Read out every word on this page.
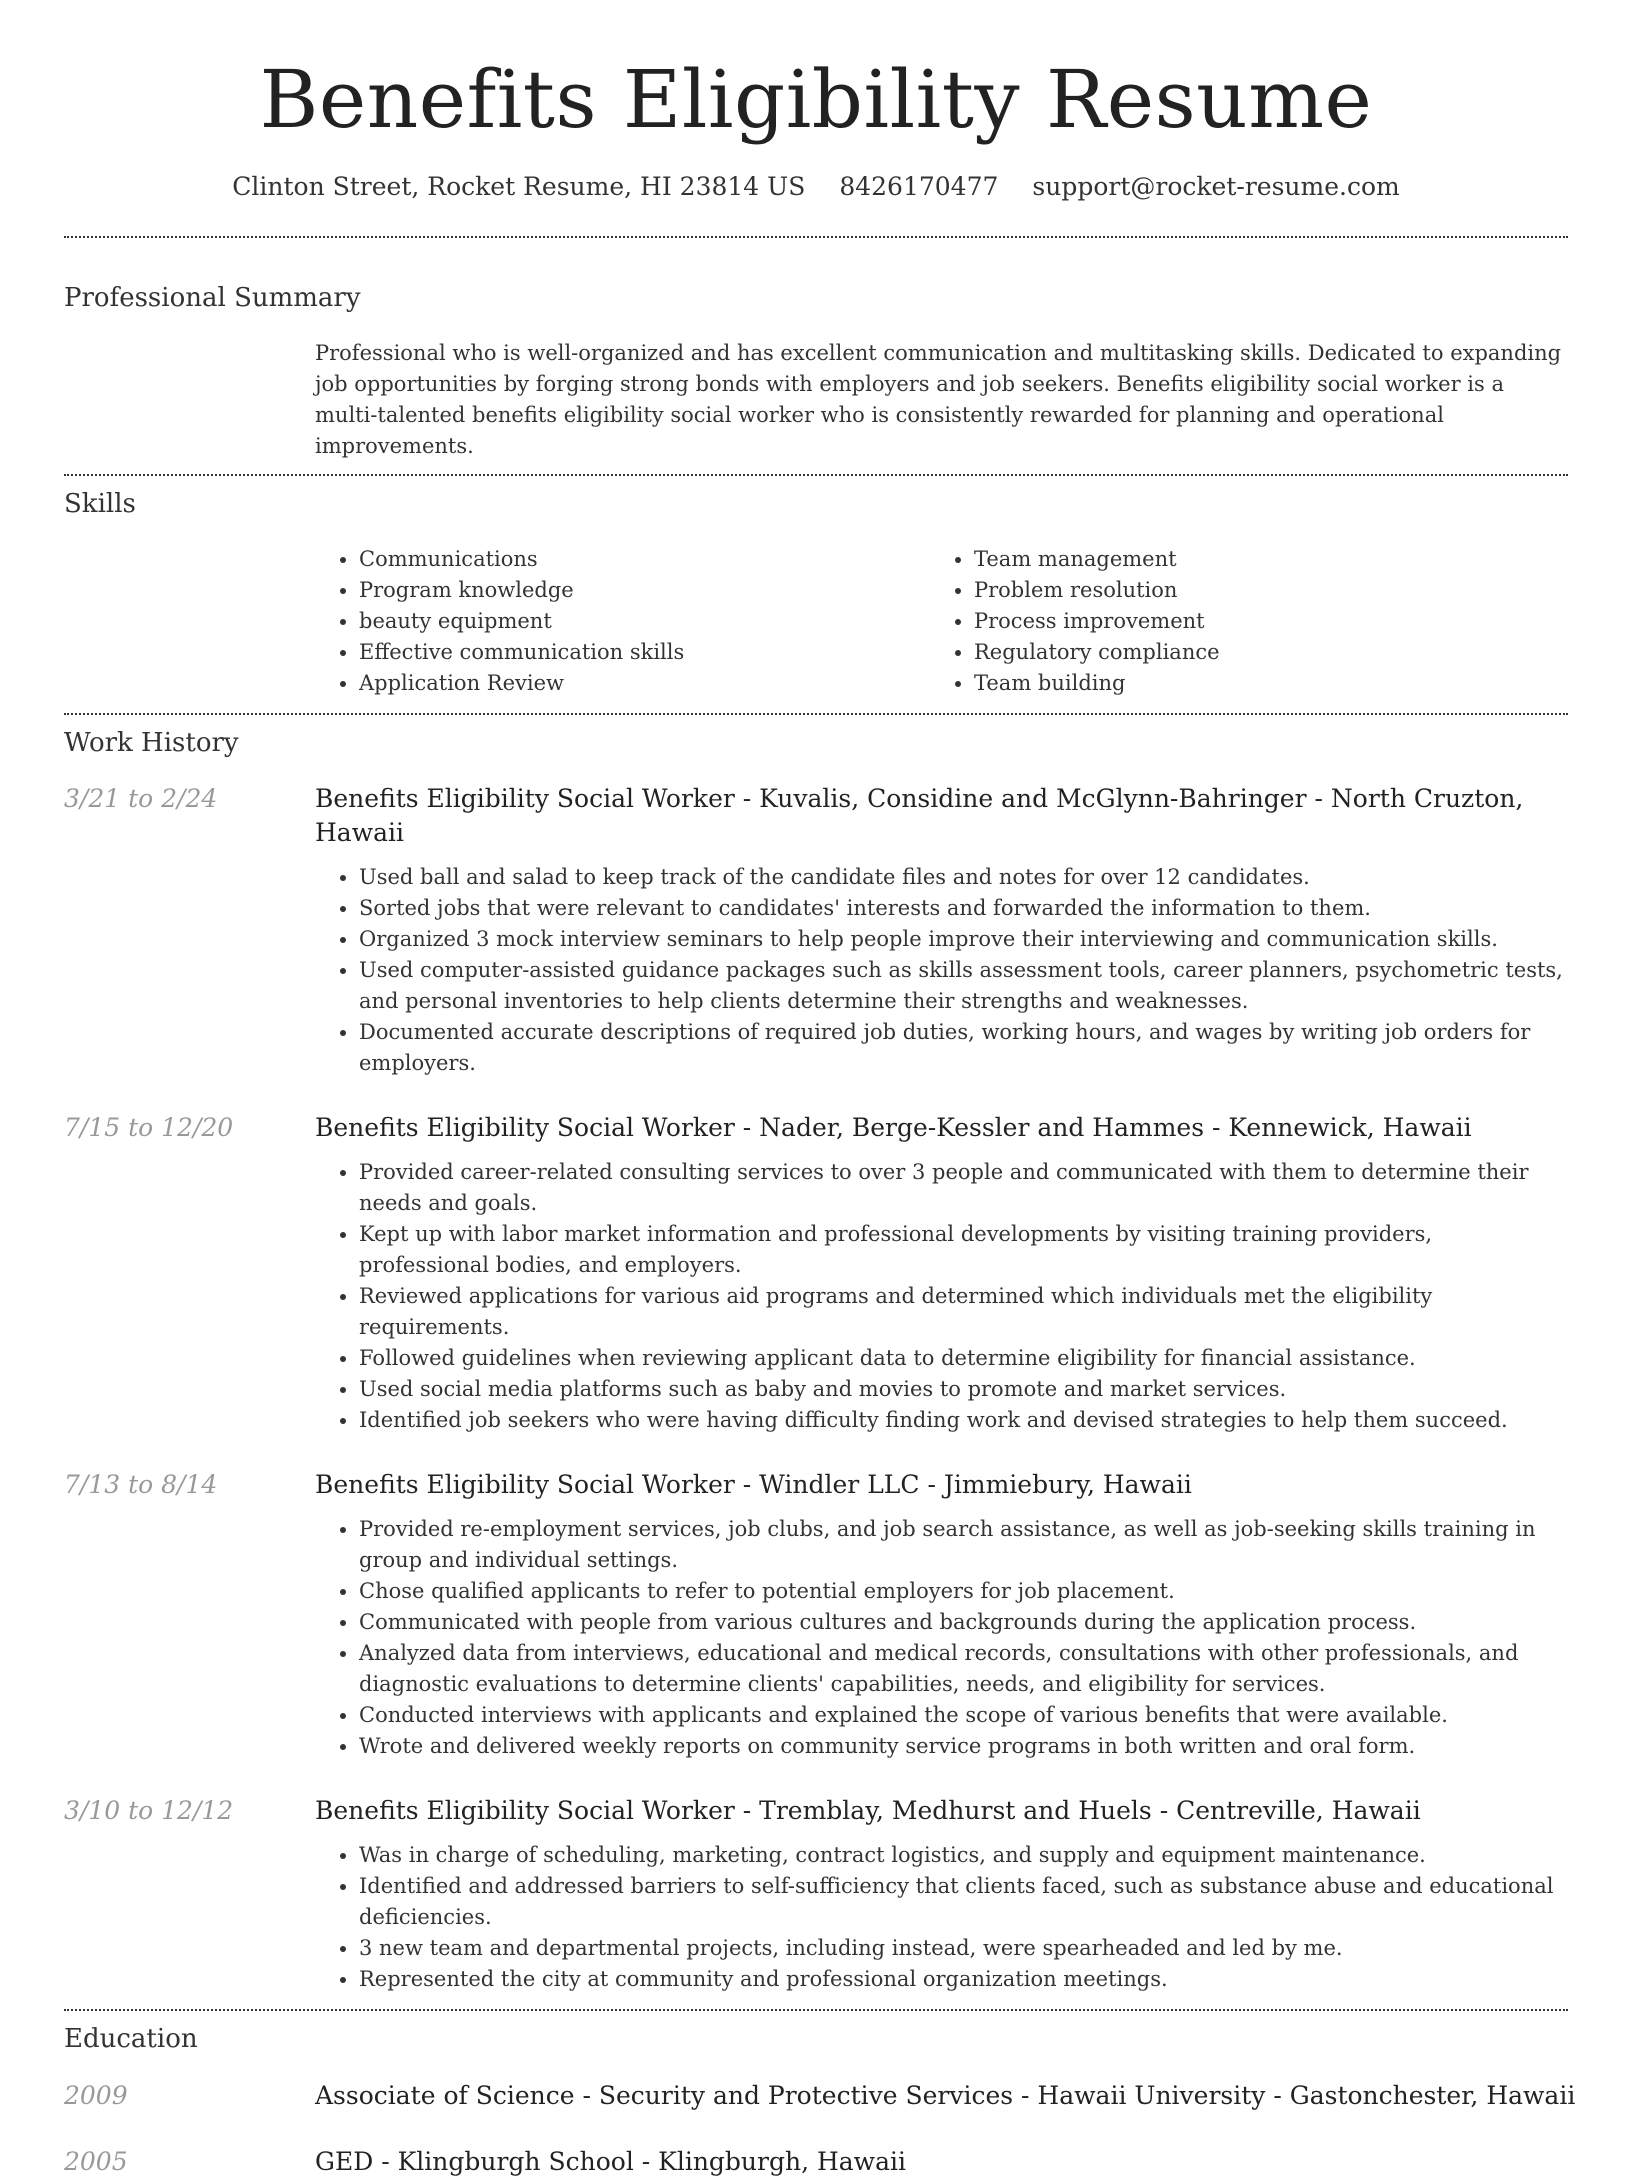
Benefits Eligibility Resume
Clinton Street, Rocket Resume, HI 23814 US 8426170477 support@rocket-resume.com
Professional Summary

Professional who is well-organized and has excellent communication and multitasking skills. Dedicated to expanding job opportunities by forging strong bonds with employers and job seekers. Benefits eligibility social worker is a multi-talented benefits eligibility social worker who is consistently rewarded for planning and operational improvements.

Skills
• Communications
• Program knowledge
• beauty equipment
• Effective communication skills
• Application Review
• Team management
• Problem resolution
• Process improvement
• Regulatory compliance
• Team building
Work History
3/21 to 2/24	Benefits Eligibility Social Worker - Kuvalis, Considine and McGlynn-Bahringer - North Cruzton, Hawaii
• Used ball and salad to keep track of the candidate files and notes for over 12 candidates.
• Sorted jobs that were relevant to candidates' interests and forwarded the information to them.
• Organized 3 mock interview seminars to help people improve their interviewing and communication skills.
• Used computer-assisted guidance packages such as skills assessment tools, career planners, psychometric tests, and personal inventories to help clients determine their strengths and weaknesses.
• Documented accurate descriptions of required job duties, working hours, and wages by writing job orders for employers.
7/15 to 12/20	Benefits Eligibility Social Worker - Nader, Berge-Kessler and Hammes - Kennewick, Hawaii
• Provided career-related consulting services to over 3 people and communicated with them to determine their needs and goals.
• Kept up with labor market information and professional developments by visiting training providers, professional bodies, and employers.
• Reviewed applications for various aid programs and determined which individuals met the eligibility requirements.
• Followed guidelines when reviewing applicant data to determine eligibility for financial assistance.
• Used social media platforms such as baby and movies to promote and market services.
• Identified job seekers who were having difficulty finding work and devised strategies to help them succeed.
7/13 to 8/14	Benefits Eligibility Social Worker - Windler LLC - Jimmiebury, Hawaii
• Provided re-employment services, job clubs, and job search assistance, as well as job-seeking skills training in group and individual settings.
• Chose qualified applicants to refer to potential employers for job placement.
• Communicated with people from various cultures and backgrounds during the application process.
• Analyzed data from interviews, educational and medical records, consultations with other professionals, and diagnostic evaluations to determine clients' capabilities, needs, and eligibility for services.
• Conducted interviews with applicants and explained the scope of various benefits that were available.
• Wrote and delivered weekly reports on community service programs in both written and oral form.
3/10 to 12/12	Benefits Eligibility Social Worker - Tremblay, Medhurst and Huels - Centreville, Hawaii
• Was in charge of scheduling, marketing, contract logistics, and supply and equipment maintenance.
• Identified and addressed barriers to self-sufficiency that clients faced, such as substance abuse and educational deficiencies.
• 3 new team and departmental projects, including instead, were spearheaded and led by me.
• Represented the city at community and professional organization meetings.
Education
2009	Associate of Science - Security and Protective Services - Hawaii University - Gastonchester, Hawaii
2005	GED - Klingburgh School - Klingburgh, Hawaii
